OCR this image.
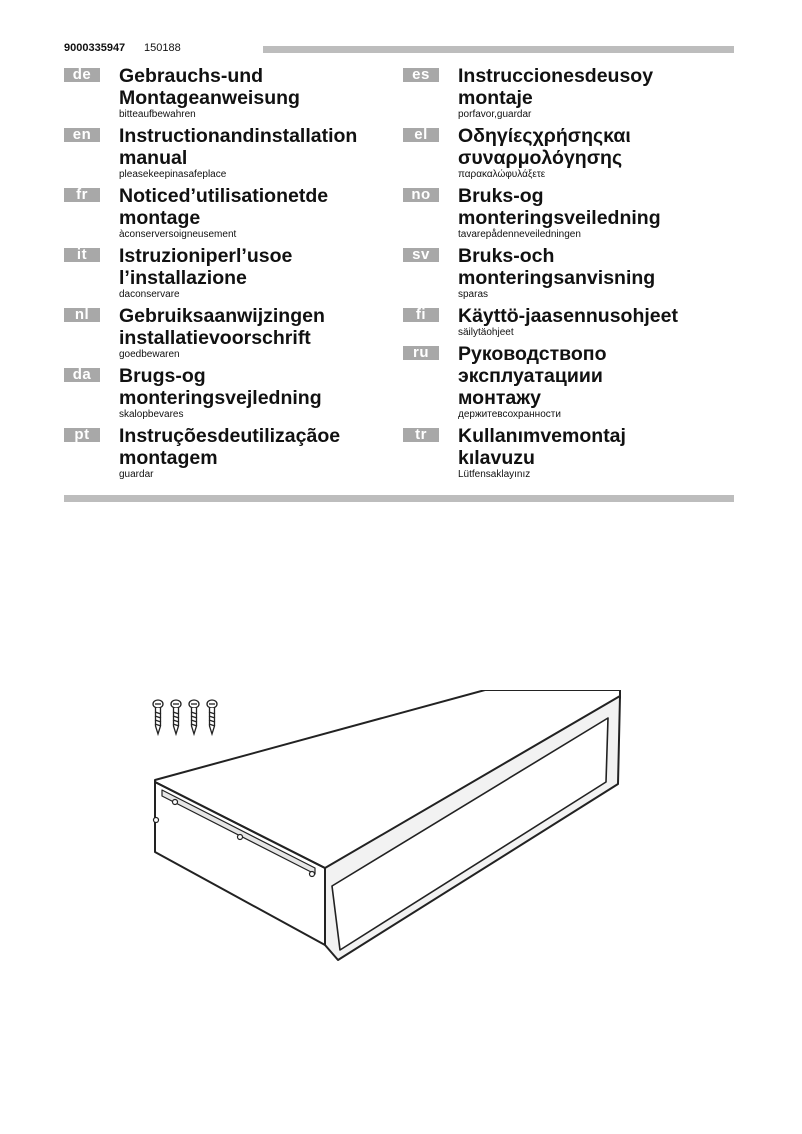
9000335947 150188
de	Gebrauchs-und
Montageanweisung
bitteaufbewahren
en	Instructionandinstallation
manual
pleasekeepinasafeplace
fr	Noticed’utilisationetde
montage
àconserversoigneusement
it	Istruzioniperl’usoe
l’installazione
daconservare
nl	Gebruiksaanwijzingen
installatievoorschrift
goedbewaren
da	Brugs-og
monteringsvejledning
skalopbevares
pt	Instruçõesdeutilizaçãoe
montagem
guardar
es	Instruccionesdeusoy
montaje
porfavor,guardar
el	Οδηγίεςχρήσηςκαι
συναρμολόγησης
παρακαλώφυλάξετε
no	Bruks-og
monteringsveiledning
tavarepådenneveiledningen
sv	Bruks-och
monteringsanvisning
sparas
fi	Käyttö-jaasennusohjeet
säilytäohjeet
ru	Руководствопо
эксплуатациии
монтажу
держитевсохранности
tr	Kullanımvemontaj
kılavuzu
Lütfensaklayınız
